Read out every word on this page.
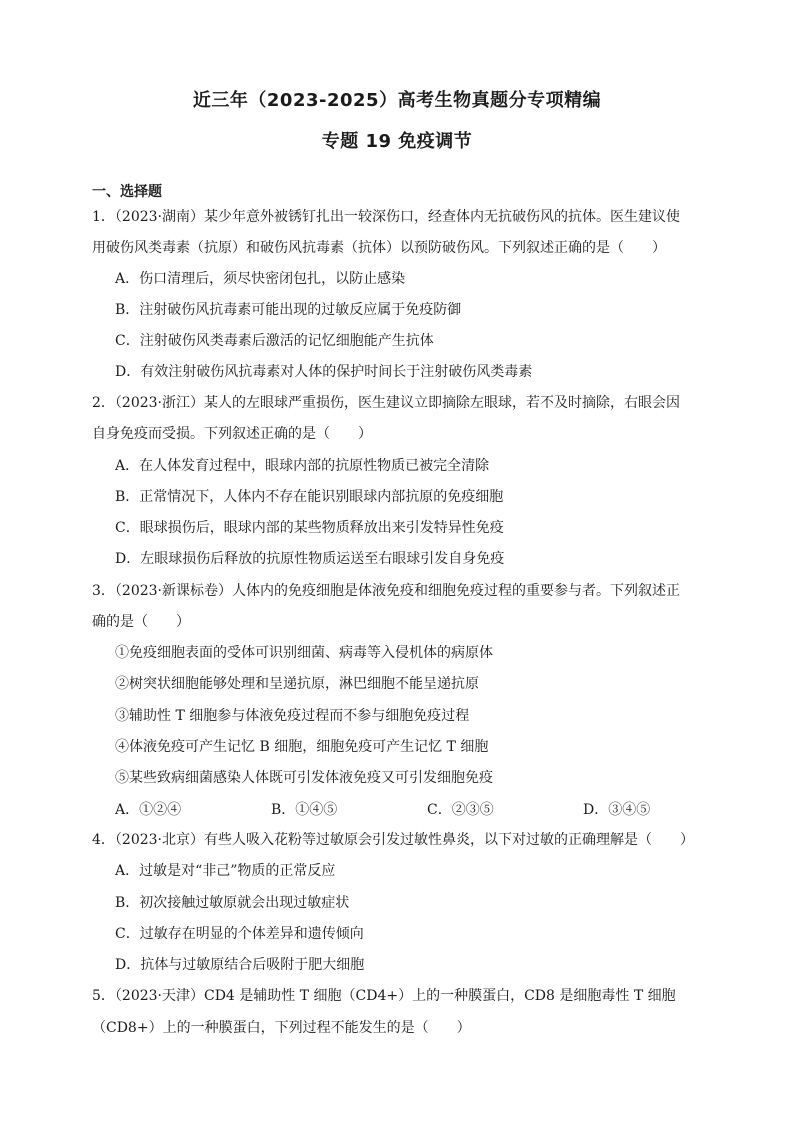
近三年（2023-2025）高考生物真题分专项精编
专题 19 免疫调节
一、选择题
1．（2023·湖南）某少年意外被锈钉扎出一较深伤口，经查体内无抗破伤风的抗体。医生建议使
用破伤风类毒素（抗原）和破伤风抗毒素（抗体）以预防破伤风。下列叙述正确的是（　　）
A．伤口清理后，须尽快密闭包扎，以防止感染
B．注射破伤风抗毒素可能出现的过敏反应属于免疫防御
C．注射破伤风类毒素后激活的记忆细胞能产生抗体
D．有效注射破伤风抗毒素对人体的保护时间长于注射破伤风类毒素
2．（2023·浙江）某人的左眼球严重损伤，医生建议立即摘除左眼球，若不及时摘除，右眼会因
自身免疫而受损。下列叙述正确的是（　　）
A．在人体发育过程中，眼球内部的抗原性物质已被完全清除
B．正常情况下，人体内不存在能识别眼球内部抗原的免疫细胞
C．眼球损伤后，眼球内部的某些物质释放出来引发特异性免疫
D．左眼球损伤后释放的抗原性物质运送至右眼球引发自身免疫
3．（2023·新课标卷）人体内的免疫细胞是体液免疫和细胞免疫过程的重要参与者。下列叙述正
确的是（　　）
①免疫细胞表面的受体可识别细菌、病毒等入侵机体的病原体
②树突状细胞能够处理和呈递抗原，淋巴细胞不能呈递抗原
③辅助性 T 细胞参与体液免疫过程而不参与细胞免疫过程
④体液免疫可产生记忆 B 细胞，细胞免疫可产生记忆 T 细胞
⑤某些致病细菌感染人体既可引发体液免疫又可引发细胞免疫
A．①②④	B．①④⑤	C．②③⑤	D．③④⑤
4．（2023·北京）有些人吸入花粉等过敏原会引发过敏性鼻炎，以下对过敏的正确理解是（　　）
A．过敏是对“非己”物质的正常反应
B．初次接触过敏原就会出现过敏症状
C．过敏存在明显的个体差异和遗传倾向
D．抗体与过敏原结合后吸附于肥大细胞
5．（2023·天津）CD4 是辅助性 T 细胞（CD4+）上的一种膜蛋白，CD8 是细胞毒性 T 细胞
（CD8+）上的一种膜蛋白，下列过程不能发生的是（　　）
